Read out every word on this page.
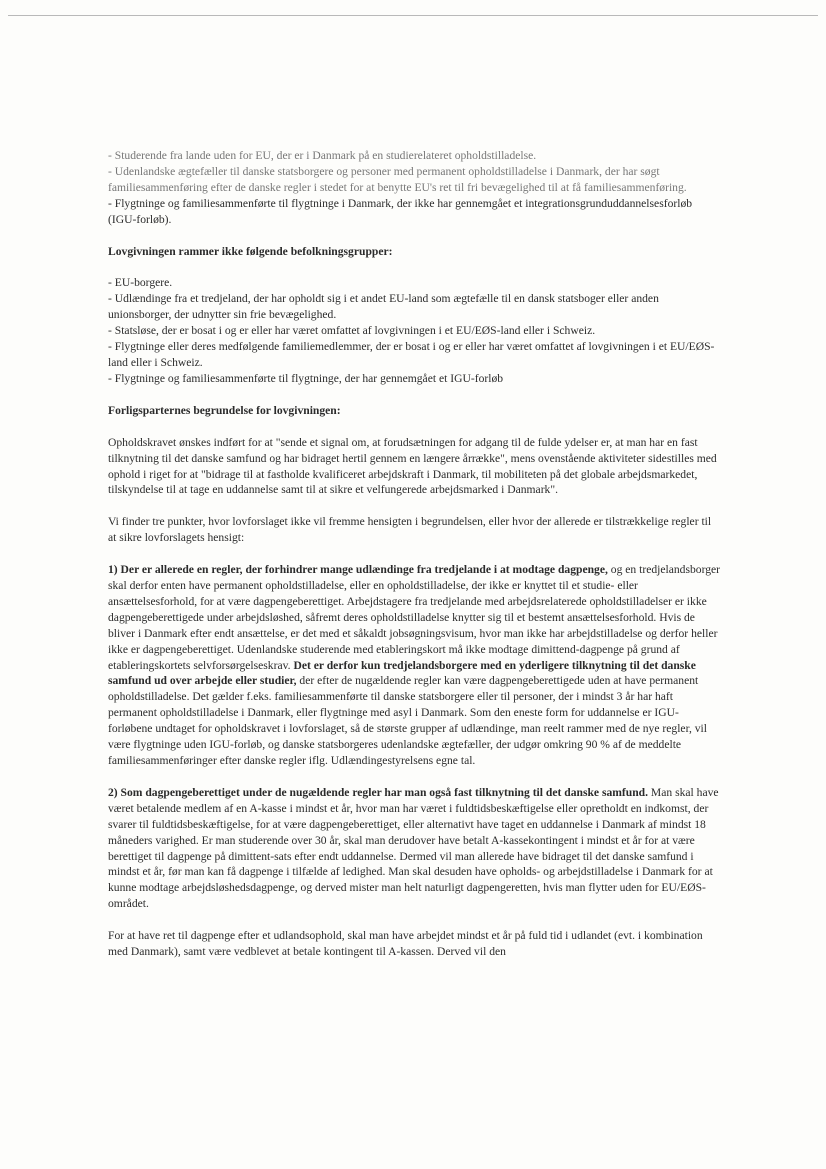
- Studerende fra lande uden for EU, der er i Danmark på en studierelateret opholdstilladelse.

- Udenlandske ægtefæller til danske statsborgere og personer med permanent opholdstilladelse i Danmark, der har søgt familiesammenføring efter de danske regler i stedet for at benytte EU's ret til fri bevægelighed til at få familiesammenføring.

- Flygtninge og familiesammenførte til flygtninge i Danmark, der ikke har gennemgået et integrationsgrunduddannelsesforløb (IGU-forløb).

Lovgivningen rammer ikke følgende befolkningsgrupper:

- EU-borgere.

- Udlændinge fra et tredjeland, der har opholdt sig i et andet EU-land som ægtefælle til en dansk statsboger eller anden unionsborger, der udnytter sin frie bevægelighed.

- Statsløse, der er bosat i og er eller har været omfattet af lovgivningen i et EU/EØS-land eller i Schweiz.

- Flygtninge eller deres medfølgende familiemedlemmer, der er bosat i og er eller har været omfattet af lovgivningen i et EU/EØS-land eller i Schweiz.

- Flygtninge og familiesammenførte til flygtninge, der har gennemgået et IGU-forløb

Forligsparternes begrundelse for lovgivningen:

Opholdskravet ønskes indført for at "sende et signal om, at forudsætningen for adgang til de fulde ydelser er, at man har en fast tilknytning til det danske samfund og har bidraget hertil gennem en længere årrække", mens ovenstående aktiviteter sidestilles med ophold i riget for at "bidrage til at fastholde kvalificeret arbejdskraft i Danmark, til mobiliteten på det globale arbejdsmarkedet, tilskyndelse til at tage en uddannelse samt til at sikre et velfungerede arbejdsmarked i Danmark".

Vi finder tre punkter, hvor lovforslaget ikke vil fremme hensigten i begrundelsen, eller hvor der allerede er tilstrækkelige regler til at sikre lovforslagets hensigt:

1) Der er allerede en regler, der forhindrer mange udlændinge fra tredjelande i at modtage dagpenge, og en tredjelandsborger skal derfor enten have permanent opholdstilladelse, eller en opholdstilladelse, der ikke er knyttet til et studie- eller ansættelsesforhold, for at være dagpengeberettiget. Arbejdstagere fra tredjelande med arbejdsrelaterede opholdstilladelser er ikke dagpengeberettigede under arbejdsløshed, såfremt deres opholdstilladelse knytter sig til et bestemt ansættelsesforhold. Hvis de bliver i Danmark efter endt ansættelse, er det med et såkaldt jobsøgningsvisum, hvor man ikke har arbejdstilladelse og derfor heller ikke er dagpengeberettiget. Udenlandske studerende med etableringskort må ikke modtage dimittend-dagpenge på grund af etableringskortets selvforsørgelseskrav. Det er derfor kun tredjelandsborgere med en yderligere tilknytning til det danske samfund ud over arbejde eller studier, der efter de nugældende regler kan være dagpengeberettigede uden at have permanent opholdstilladelse. Det gælder f.eks. familiesammenførte til danske statsborgere eller til personer, der i mindst 3 år har haft permanent opholdstilladelse i Danmark, eller flygtninge med asyl i Danmark. Som den eneste form for uddannelse er IGU-forløbene undtaget for opholdskravet i lovforslaget, så de største grupper af udlændinge, man reelt rammer med de nye regler, vil være flygtninge uden IGU-forløb, og danske statsborgeres udenlandske ægtefæller, der udgør omkring 90 % af de meddelte familiesammenføringer efter danske regler iflg. Udlændingestyrelsens egne tal.

2) Som dagpengeberettiget under de nugældende regler har man også fast tilknytning til det danske samfund. Man skal have været betalende medlem af en A-kasse i mindst et år, hvor man har været i fuldtidsbeskæftigelse eller opretholdt en indkomst, der svarer til fuldtidsbeskæftigelse, for at være dagpengeberettiget, eller alternativt have taget en uddannelse i Danmark af mindst 18 måneders varighed. Er man studerende over 30 år, skal man derudover have betalt A-kassekontingent i mindst et år for at være berettiget til dagpenge på dimittent-sats efter endt uddannelse. Dermed vil man allerede have bidraget til det danske samfund i mindst et år, før man kan få dagpenge i tilfælde af ledighed. Man skal desuden have opholds- og arbejdstilladelse i Danmark for at kunne modtage arbejdsløshedsdagpenge, og derved mister man helt naturligt dagpengeretten, hvis man flytter uden for EU/EØS-området.

For at have ret til dagpenge efter et udlandsophold, skal man have arbejdet mindst et år på fuld tid i udlandet (evt. i kombination med Danmark), samt være vedblevet at betale kontingent til A-kassen. Derved vil den
